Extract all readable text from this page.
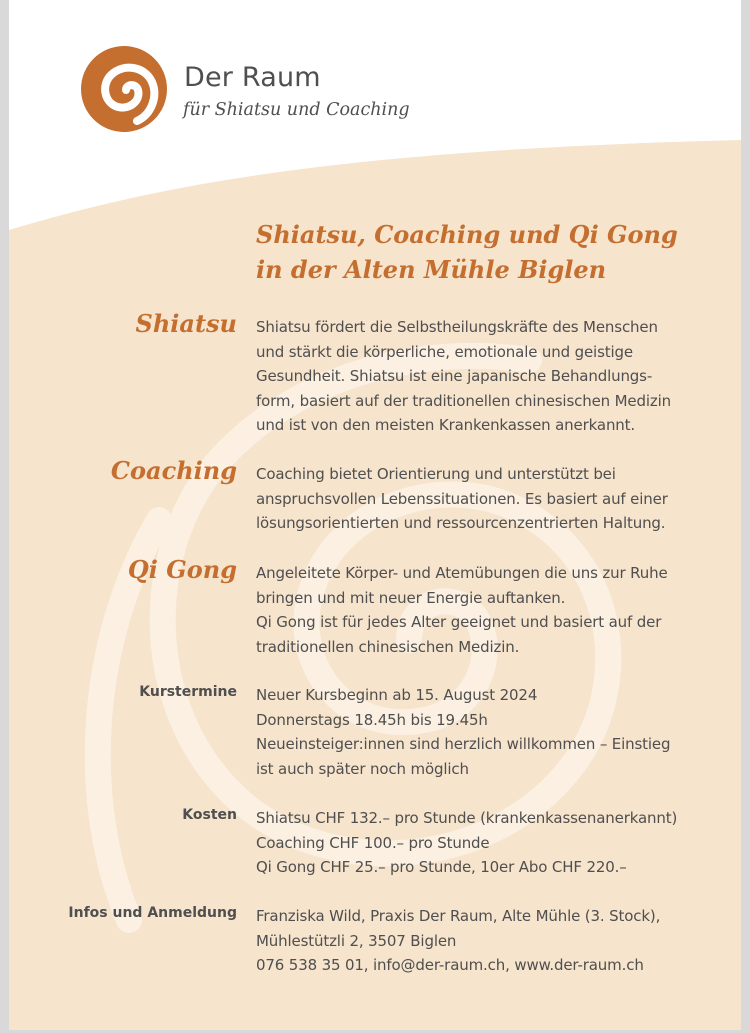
Der Raum
für Shiatsu und Coaching
Shiatsu, Coaching und Qi Gong
in der Alten Mühle Biglen
Shiatsu Shiatsu fördert die Selbstheilungskräfte des Menschen
und stärkt die körperliche, emotionale und geistige
Gesundheit. Shiatsu ist eine japanische Behandlungs-
form, basiert auf der traditionellen chinesischen Medizin
und ist von den meisten Krankenkassen anerkannt.
Coaching Coaching bietet Orientierung und unterstützt bei
anspruchsvollen Lebenssituationen. Es basiert auf einer
lösungsorientierten und ressourcenzentrierten Haltung.
Qi Gong Angeleitete Körper- und Atemübungen die uns zur Ruhe
bringen und mit neuer Energie auftanken.
Qi Gong ist für jedes Alter geeignet und basiert auf der
traditionellen chinesischen Medizin.
Kurstermine Neuer Kursbeginn ab 15. August 2024
Donnerstags 18.45h bis 19.45h
Neueinsteiger:innen sind herzlich willkommen – Einstieg
ist auch später noch möglich
Kosten Shiatsu CHF 132.– pro Stunde (krankenkassenanerkannt)
Coaching CHF 100.– pro Stunde
Qi Gong CHF 25.– pro Stunde, 10er Abo CHF 220.–
Infos und Anmeldung Franziska Wild, Praxis Der Raum, Alte Mühle (3. Stock),
Mühlestützli 2, 3507 Biglen
076 538 35 01, info@der-raum.ch, www.der-raum.ch
